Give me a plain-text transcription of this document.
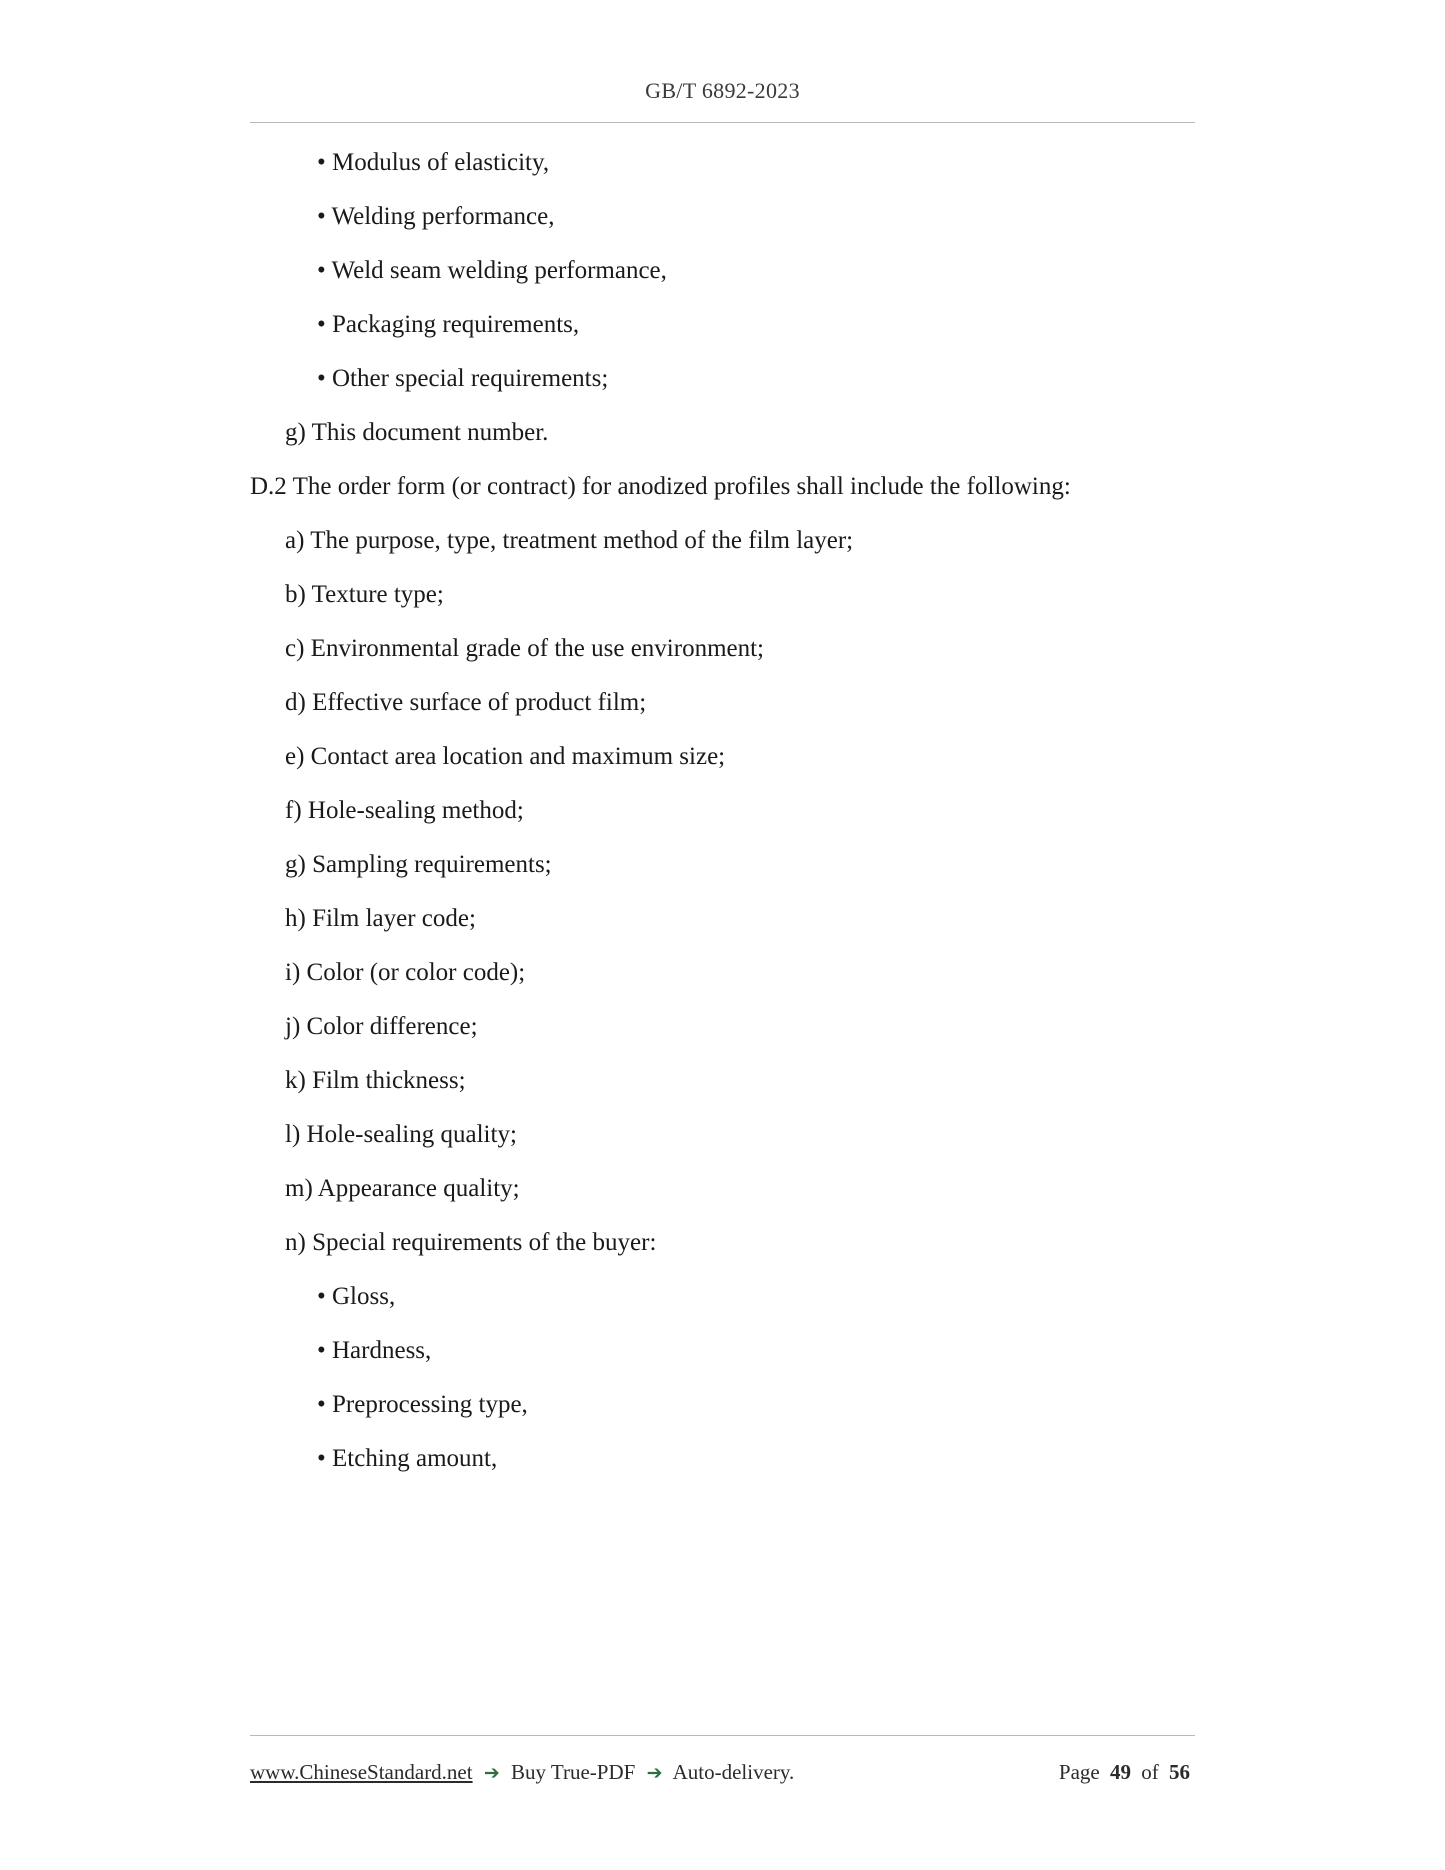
GB/T 6892-2023
• Modulus of elasticity,
• Welding performance,
• Weld seam welding performance,
• Packaging requirements,
• Other special requirements;
g) This document number.
D.2 The order form (or contract) for anodized profiles shall include the following:
a) The purpose, type, treatment method of the film layer;
b) Texture type;
c) Environmental grade of the use environment;
d) Effective surface of product film;
e) Contact area location and maximum size;
f) Hole-sealing method;
g) Sampling requirements;
h) Film layer code;
i) Color (or color code);
j) Color difference;
k) Film thickness;
l) Hole-sealing quality;
m) Appearance quality;
n) Special requirements of the buyer:
• Gloss,
• Hardness,
• Preprocessing type,
• Etching amount,
www.ChineseStandard.net ➔ Buy True-PDF ➔ Auto-delivery.	Page 49 of 56
